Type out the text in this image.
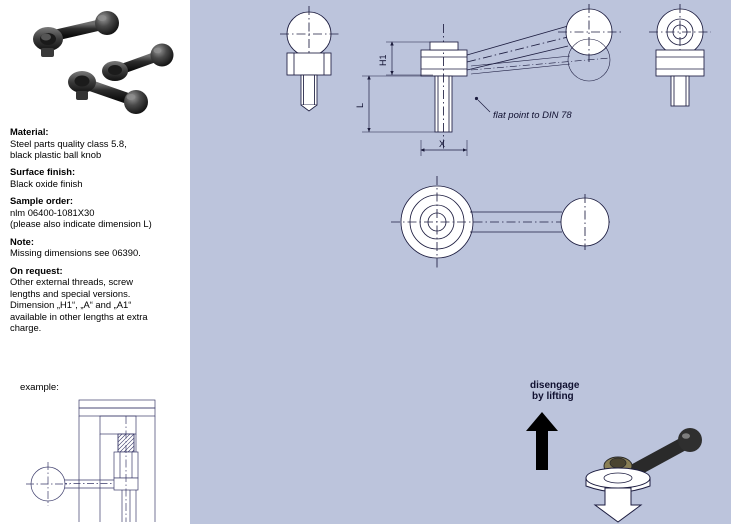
Material:
Steel parts quality class 5.8,
black plastic ball knob
Surface finish:
Black oxide finish
Sample order:
nlm 06400-1081X30
(please also indicate dimension L)
Note:
Missing dimensions see 06390.
On request:
Other external threads, screw
lengths and special versions.
Dimension „H1“, „A“ and „A1“
available in other lengths at extra
charge.
example:
H1
L
X
flat point to DIN 78
disengage
by lifting
